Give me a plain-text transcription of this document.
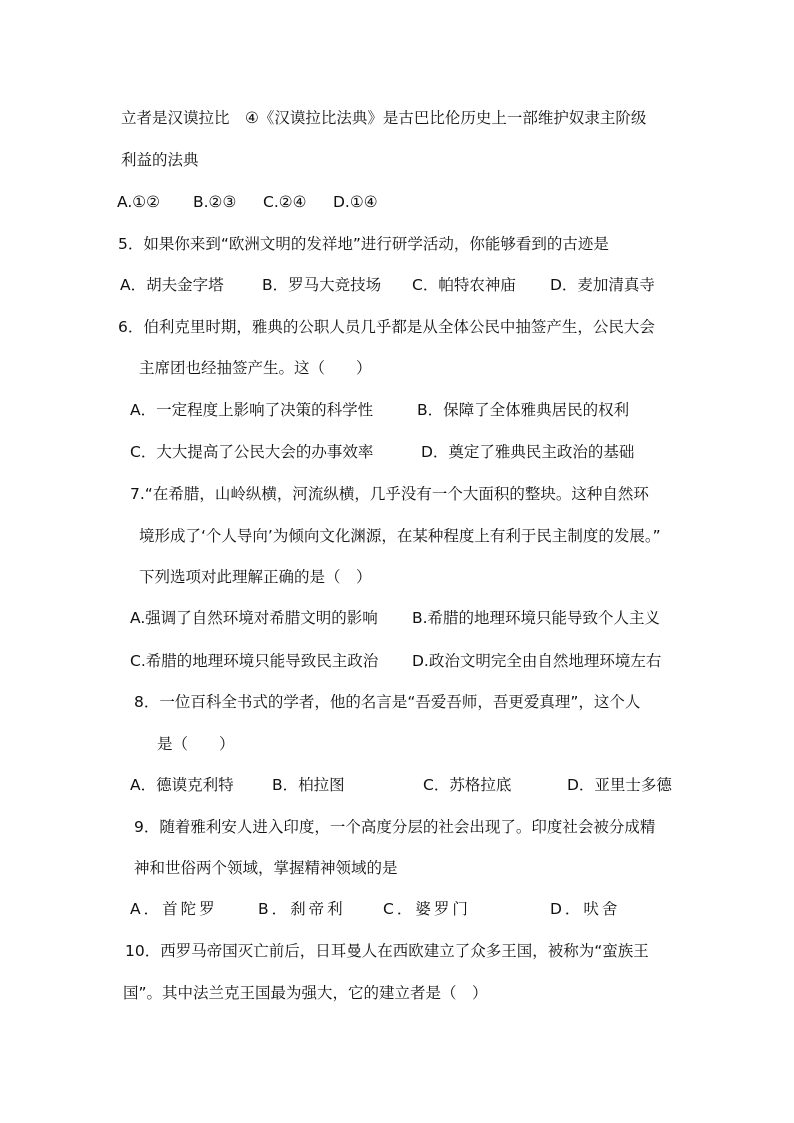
立者是汉谟拉比　④《汉谟拉比法典》是古巴比伦历史上一部维护奴隶主阶级
利益的法典

A.①②

B.②③

C.②④

D.①④

5．如果你来到“欧洲文明的发祥地”进行研学活动，你能够看到的古迹是

A．胡夫金字塔

B．罗马大竞技场

C．帕特农神庙

D．麦加清真寺

6．伯利克里时期，雅典的公职人员几乎都是从全体公民中抽签产生，公民大会
主席团也经抽签产生。这（　　）

A．一定程度上影响了决策的科学性

	B．保障了全体雅典居民的权利

C．大大提高了公民大会的办事效率

	D．奠定了雅典民主政治的基础

7.“在希腊，山岭纵横，河流纵横，几乎没有一个大面积的整块。这种自然环
境形成了‘个人导向’为倾向文化渊源，在某种程度上有利于民主制度的发展。”
下列选项对此理解正确的是（　）

A.强调了自然环境对希腊文明的影响

B.希腊的地理环境只能导致个人主义

C.希腊的地理环境只能导致民主政治

D.政治文明完全由自然地理环境左右

8．一位百科全书式的学者，他的名言是“吾爱吾师，吾更爱真理”，这个人
是（　　）

A．德谟克利特

B．柏拉图

	C．苏格拉底

	D．亚里士多德

9．随着雅利安人进入印度，一个高度分层的社会出现了。印度社会被分成精
神和世俗两个领域，掌握精神领域的是

A．首陀罗

	B．刹帝利

C．婆罗门

	D．吠舍

10．西罗马帝国灭亡前后，日耳曼人在西欧建立了众多王国，被称为“蛮族王
国”。其中法兰克王国最为强大，它的建立者是（　）
